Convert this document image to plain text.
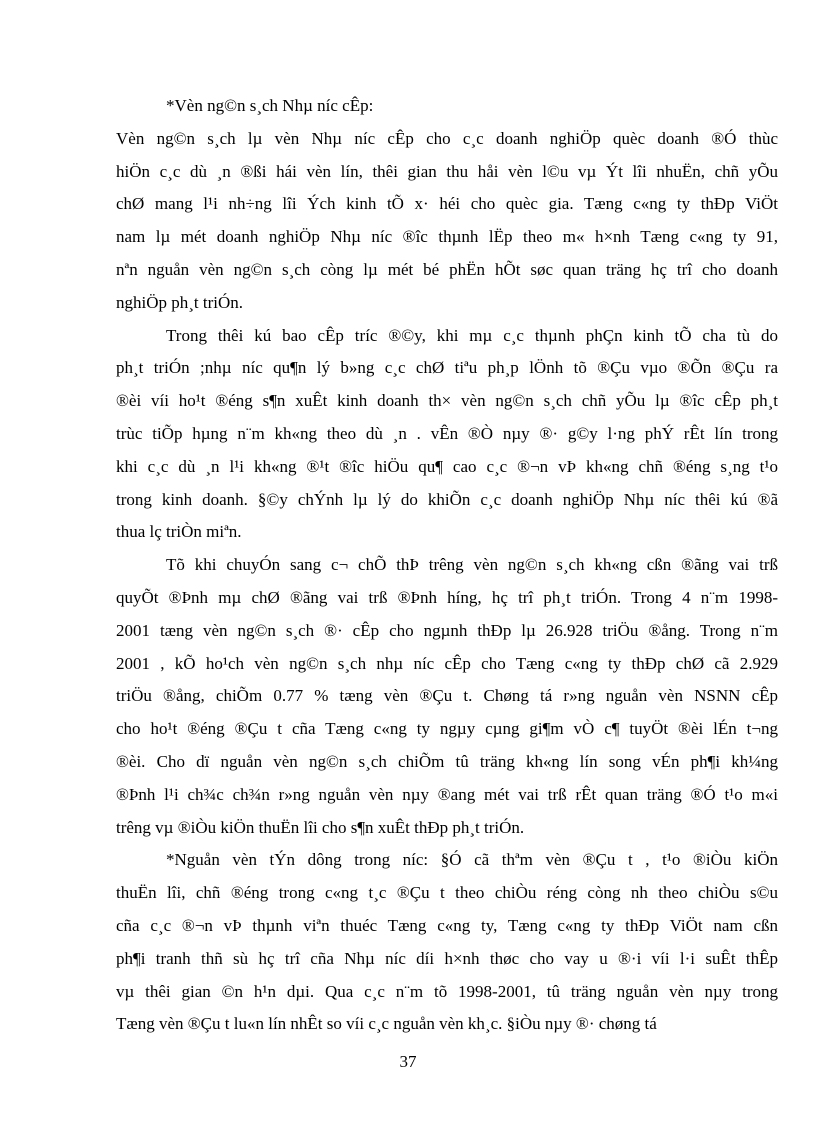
*Vèn ng©n s¸ch Nhµ níc cÊp:
Vèn ng©n s¸ch lµ vèn Nhµ níc cÊp cho c¸c doanh nghiÖp quèc doanh ®Ó thùc
hiÖn c¸c dù ¸n ®ßi hái vèn lín, thêi gian thu håi vèn l©u vµ Ýt lîi nhuËn, chñ yÕu
chØ mang l¹i nh÷ng lîi Ých kinh tÕ x· héi cho quèc gia. Tæng c«ng ty thÐp ViÖt
nam lµ mét doanh nghiÖp Nhµ níc ®îc thµnh lËp theo m« h×nh Tæng c«ng ty 91,
nªn nguån vèn ng©n s¸ch còng lµ mét bé phËn hÕt søc quan träng hç trî cho doanh
nghiÖp ph¸t triÓn.
Trong thêi kú bao cÊp tríc ®©y, khi mµ c¸c thµnh phÇn kinh tÕ cha tù do
ph¸t triÓn ;nhµ níc qu¶n lý b»ng c¸c chØ tiªu ph¸p lÖnh tõ ®Çu vµo ®Õn ®Çu ra
®èi víi ho¹t ®éng s¶n xuÊt kinh doanh th× vèn ng©n s¸ch chñ yÕu lµ ®îc cÊp ph¸t
trùc tiÕp hµng n¨m kh«ng theo dù ¸n . vÊn ®Ò nµy ®· g©y l·ng phÝ rÊt lín trong
khi c¸c dù ¸n l¹i kh«ng ®¹t ®îc hiÖu qu¶ cao c¸c ®¬n vÞ kh«ng chñ ®éng s¸ng t¹o
trong kinh doanh. §©y chÝnh lµ lý do khiÕn c¸c doanh nghiÖp Nhµ níc thêi kú ®ã
thua lç triÒn miªn.
Tõ khi chuyÓn sang c¬ chÕ thÞ trêng vèn ng©n s¸ch kh«ng cßn ®ãng vai trß
quyÕt ®Þnh mµ chØ ®ãng vai trß ®Þnh híng, hç trî ph¸t triÓn. Trong 4 n¨m 1998-
2001 tæng vèn ng©n s¸ch ®· cÊp cho ngµnh thÐp lµ 26.928 triÖu ®ång. Trong n¨m
2001 , kÕ ho¹ch vèn ng©n s¸ch nhµ níc cÊp cho Tæng c«ng ty thÐp chØ cã 2.929
triÖu ®ång, chiÕm 0.77 % tæng vèn ®Çu t. Chøng tá r»ng nguån vèn NSNN cÊp
cho ho¹t ®éng ®Çu t cña Tæng c«ng ty ngµy cµng gi¶m vÒ c¶ tuyÖt ®èi lÉn t¬ng
®èi. Cho dï nguån vèn ng©n s¸ch chiÕm tû träng kh«ng lín song vÉn ph¶i kh¼ng
®Þnh l¹i ch¾c ch¾n r»ng nguån vèn nµy ®ang mét vai trß rÊt quan träng ®Ó t¹o m«i
trêng vµ ®iÒu kiÖn thuËn lîi cho s¶n xuÊt thÐp ph¸t triÓn.
*Nguån vèn tÝn dông trong níc: §Ó cã thªm vèn ®Çu t , t¹o ®iÒu kiÖn
thuËn lîi, chñ ®éng trong c«ng t¸c ®Çu t theo chiÒu réng còng nh theo chiÒu s©u
cña c¸c ®¬n vÞ thµnh viªn thuéc Tæng c«ng ty, Tæng c«ng ty thÐp ViÖt nam cßn
ph¶i tranh thñ sù hç trî cña Nhµ níc díi h×nh thøc cho vay u ®·i víi l·i suÊt thÊp
vµ thêi gian ©n h¹n dµi. Qua c¸c n¨m tõ 1998-2001, tû träng nguån vèn nµy trong
Tæng vèn ®Çu t lu«n lín nhÊt so víi c¸c nguån vèn kh¸c. §iÒu nµy ®· chøng tá
37
